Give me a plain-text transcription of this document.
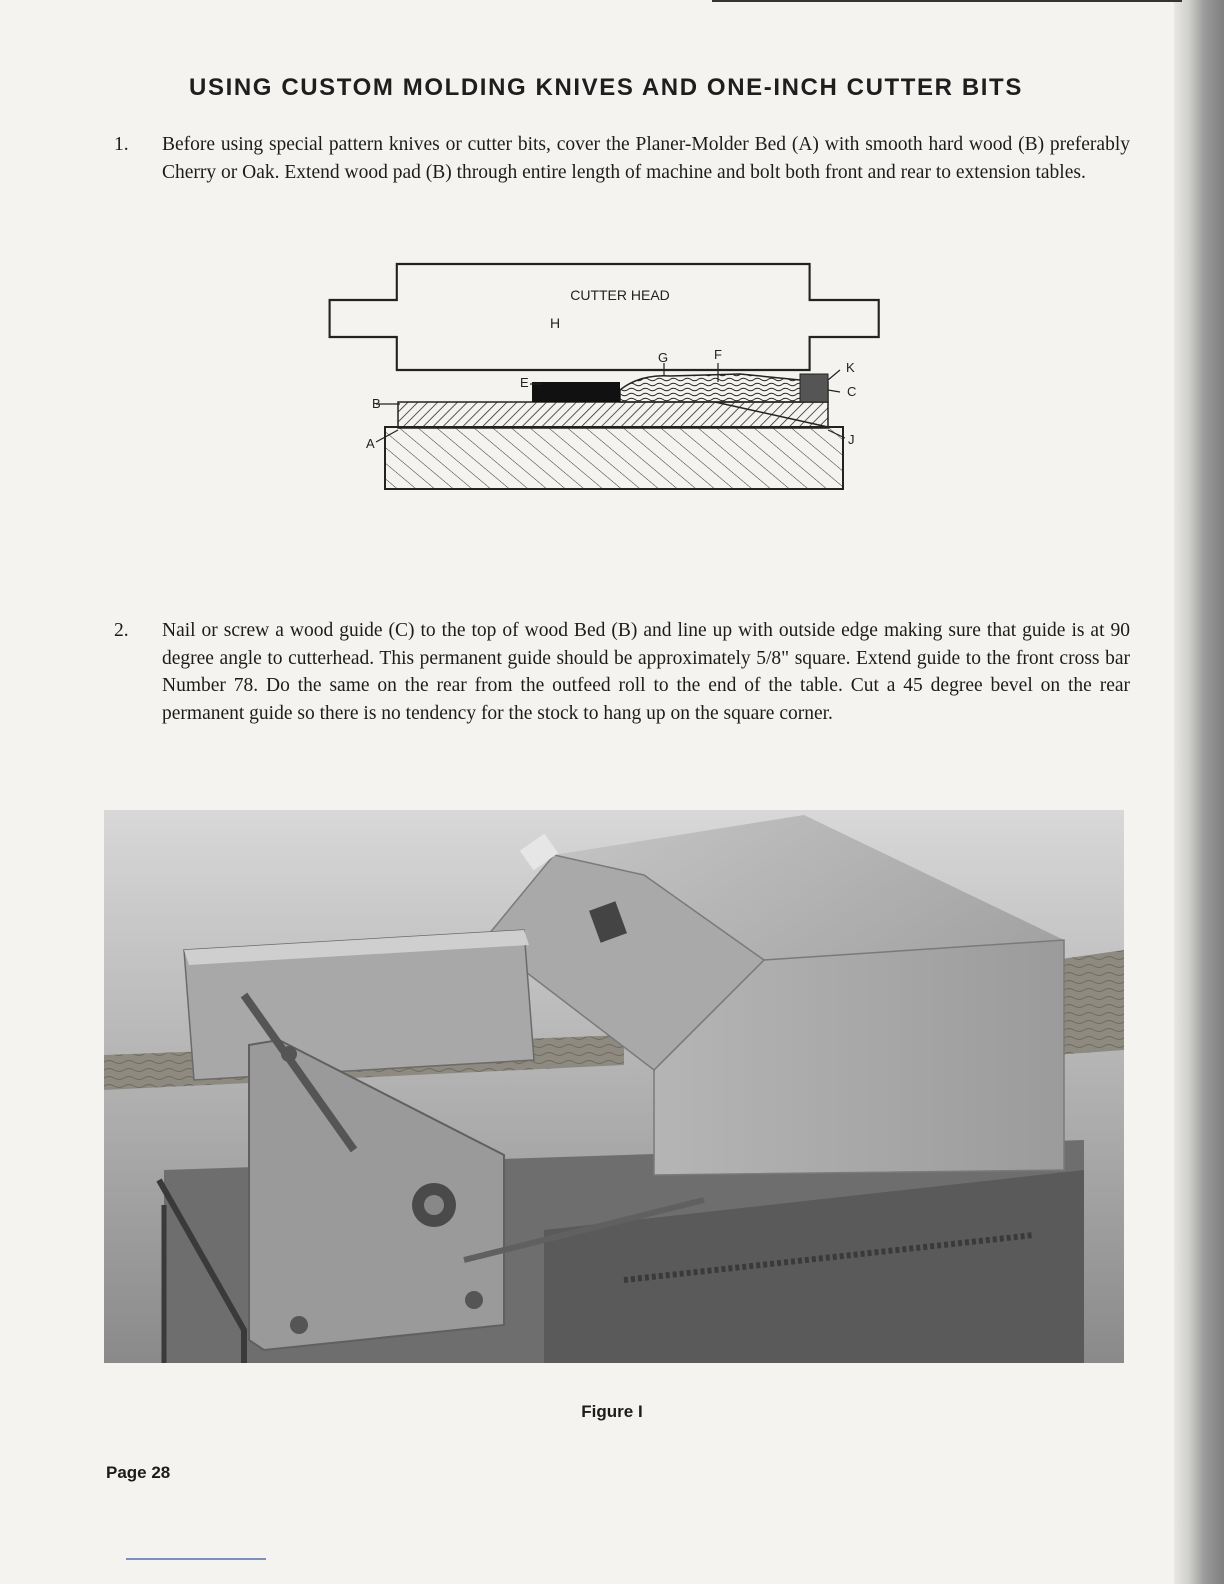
USING CUSTOM MOLDING KNIVES AND ONE-INCH CUTTER BITS
1. Before using special pattern knives or cutter bits, cover the Planer-Molder Bed (A) with smooth hard wood (B) preferably Cherry or Oak. Extend wood pad (B) through entire length of machine and bolt both front and rear to extension tables.
CUTTER HEAD
H
E
B
A
G	F
K
C
J
2. Nail or screw a wood guide (C) to the top of wood Bed (B) and line up with outside edge making sure that guide is at 90 degree angle to cutterhead. This permanent guide should be approximately 5/8" square. Extend guide to the front cross bar Number 78. Do the same on the rear from the outfeed roll to the end of the table. Cut a 45 degree bevel on the rear permanent guide so there is no tendency for the stock to hang up on the square corner.
Figure I
Page 28
